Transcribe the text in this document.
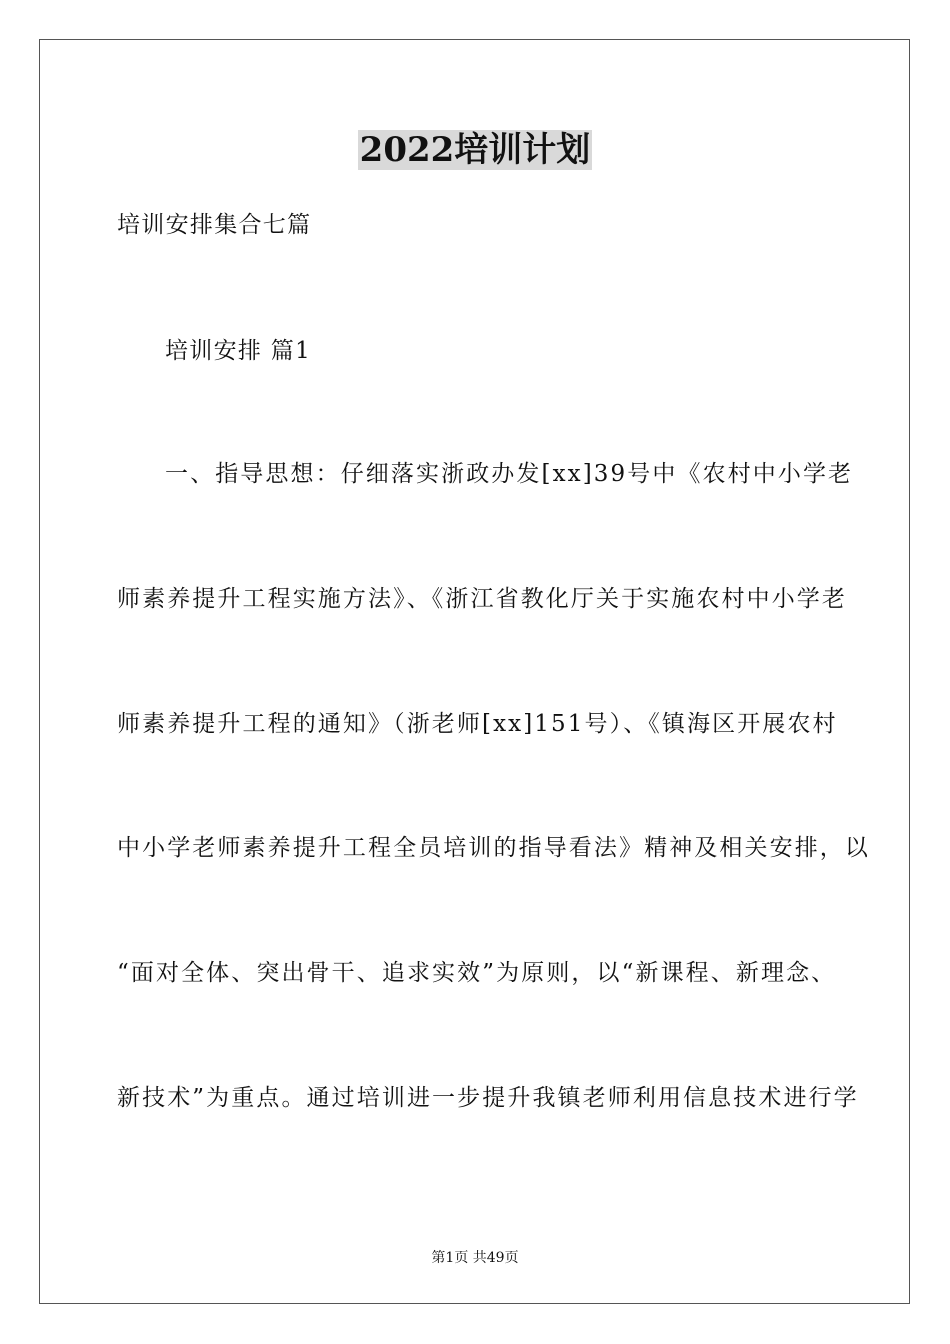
2022培训计划
培训安排集合七篇
培训安排 篇1
一、指导思想：仔细落实浙政办发[xx]39号中《农村中小学老
师素养提升工程实施方法》、《浙江省教化厅关于实施农村中小学老
师素养提升工程的通知》（浙老师[xx]151号）、《镇海区开展农村
中小学老师素养提升工程全员培训的指导看法》精神及相关安排，以
“面对全体、突出骨干、追求实效”为原则，以“新课程、新理念、
新技术”为重点。通过培训进一步提升我镇老师利用信息技术进行学
第1页 共49页
